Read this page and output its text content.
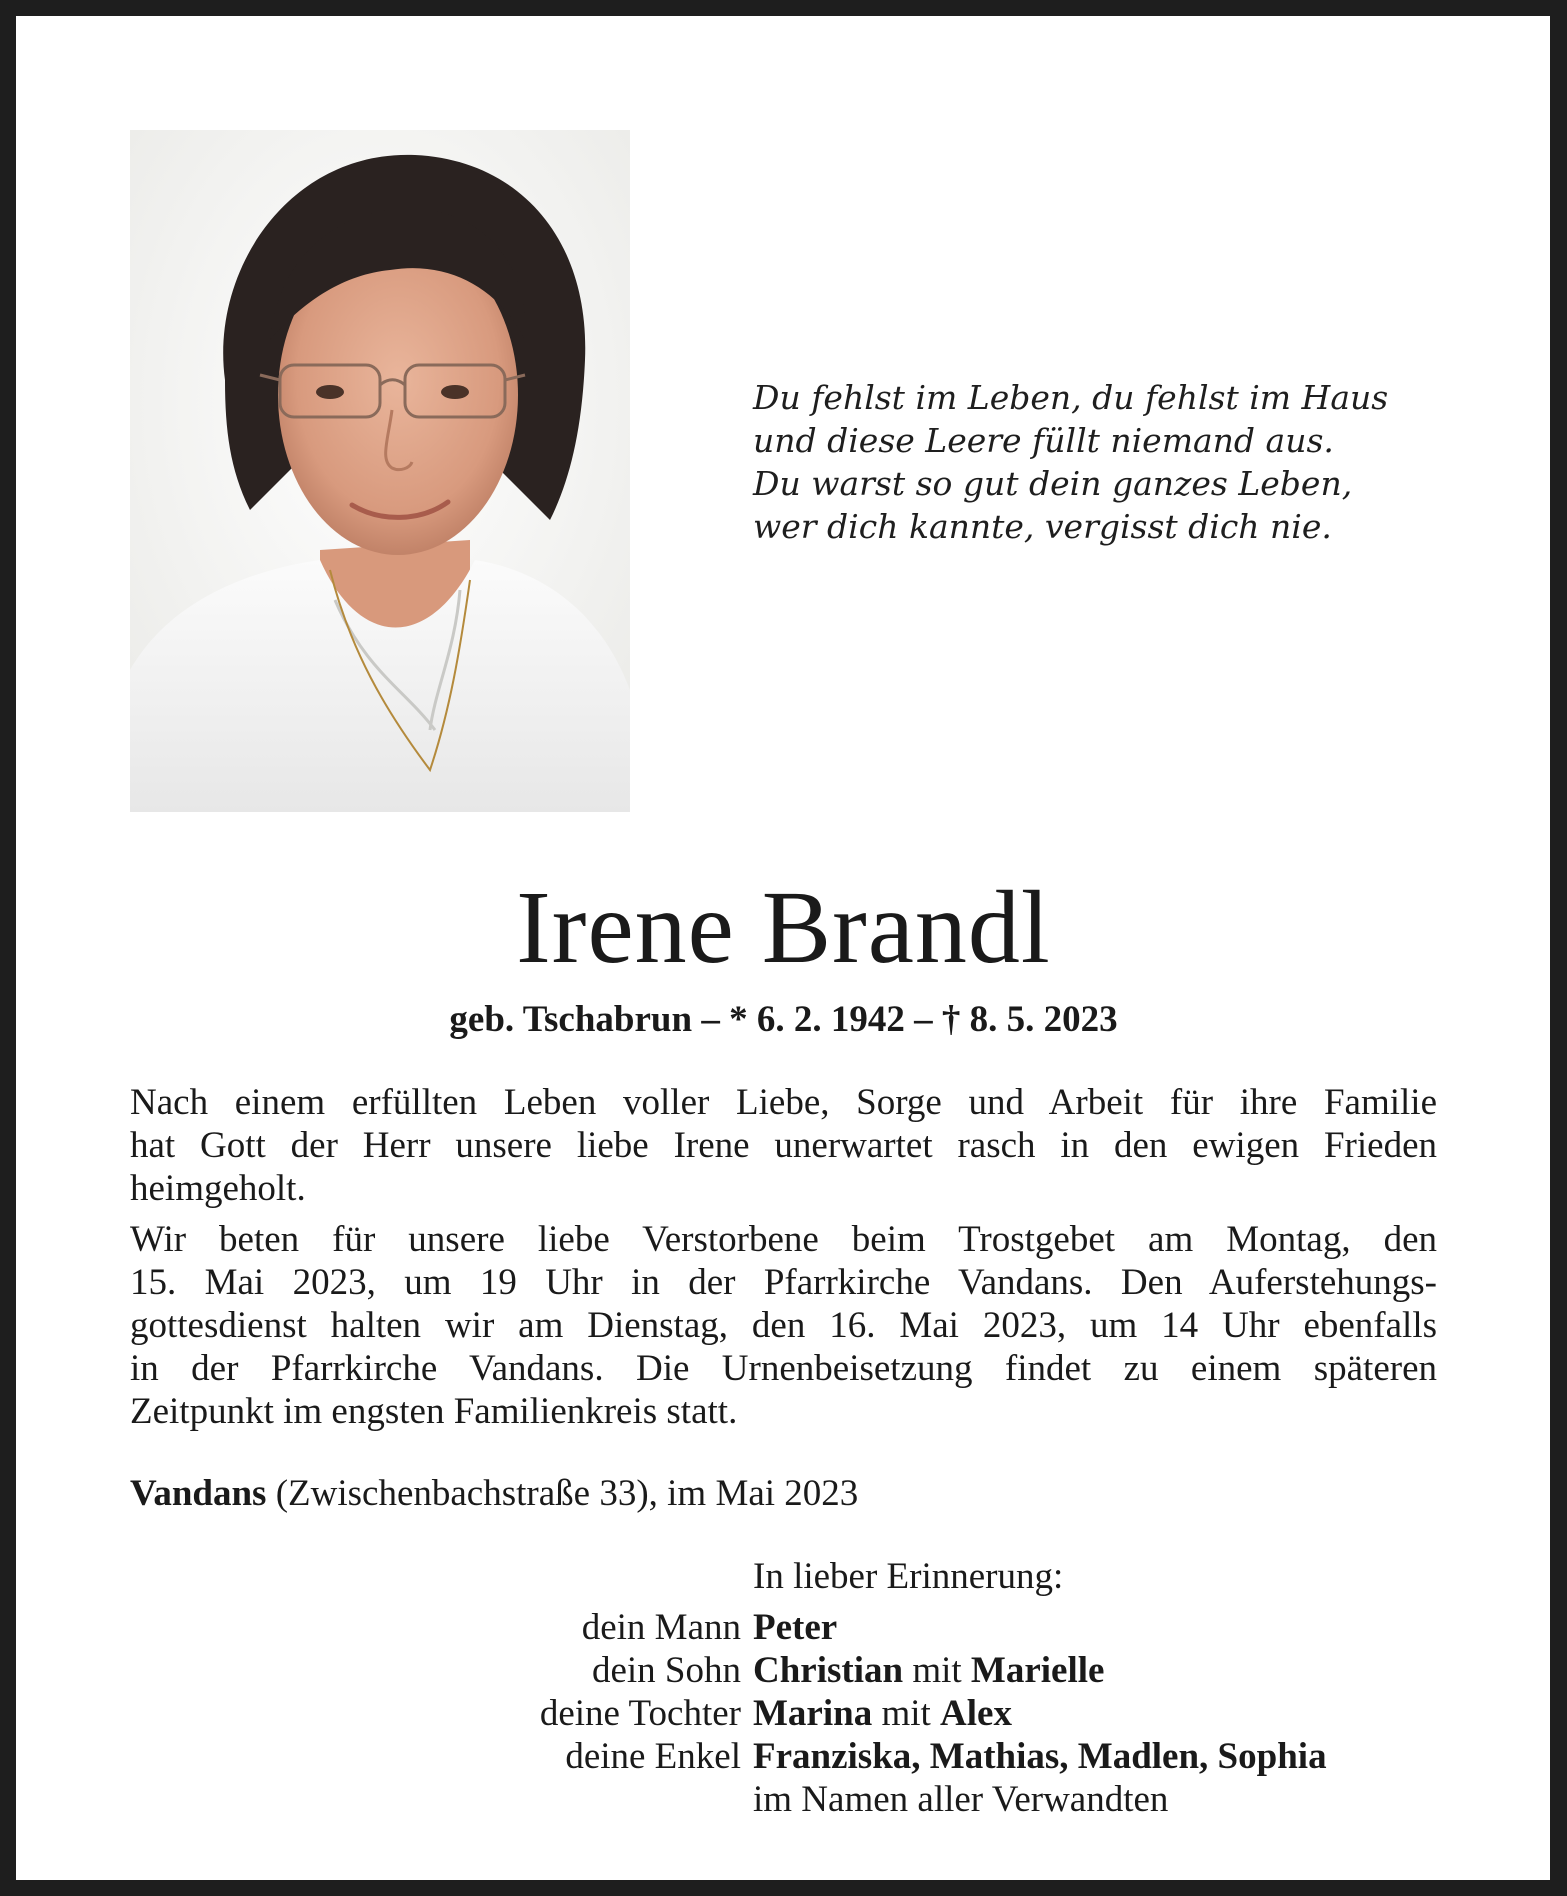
Du fehlst im Leben, du fehlst im Haus
und diese Leere füllt niemand aus.
Du warst so gut dein ganzes Leben,
wer dich kannte, vergisst dich nie.
Irene Brandl
geb. Tschabrun – * 6. 2. 1942 – † 8. 5. 2023
Nach einem erfüllten Leben voller Liebe, Sorge und Arbeit für ihre Familie
hat Gott der Herr unsere liebe Irene unerwartet rasch in den ewigen Frieden
heimgeholt.
Wir beten für unsere liebe Verstorbene beim Trostgebet am Montag, den
15. Mai 2023, um 19 Uhr in der Pfarrkirche Vandans. Den Auferstehungs-
gottesdienst halten wir am Dienstag, den 16. Mai 2023, um 14 Uhr ebenfalls
in der Pfarrkirche Vandans. Die Urnenbeisetzung findet zu einem späteren
Zeitpunkt im engsten Familienkreis statt.
Vandans (Zwischenbachstraße 33), im Mai 2023
In lieber Erinnerung:
dein Mann Peter
dein Sohn Christian mit Marielle
deine Tochter Marina mit Alex
deine Enkel Franziska, Mathias, Madlen, Sophia
im Namen aller Verwandten
